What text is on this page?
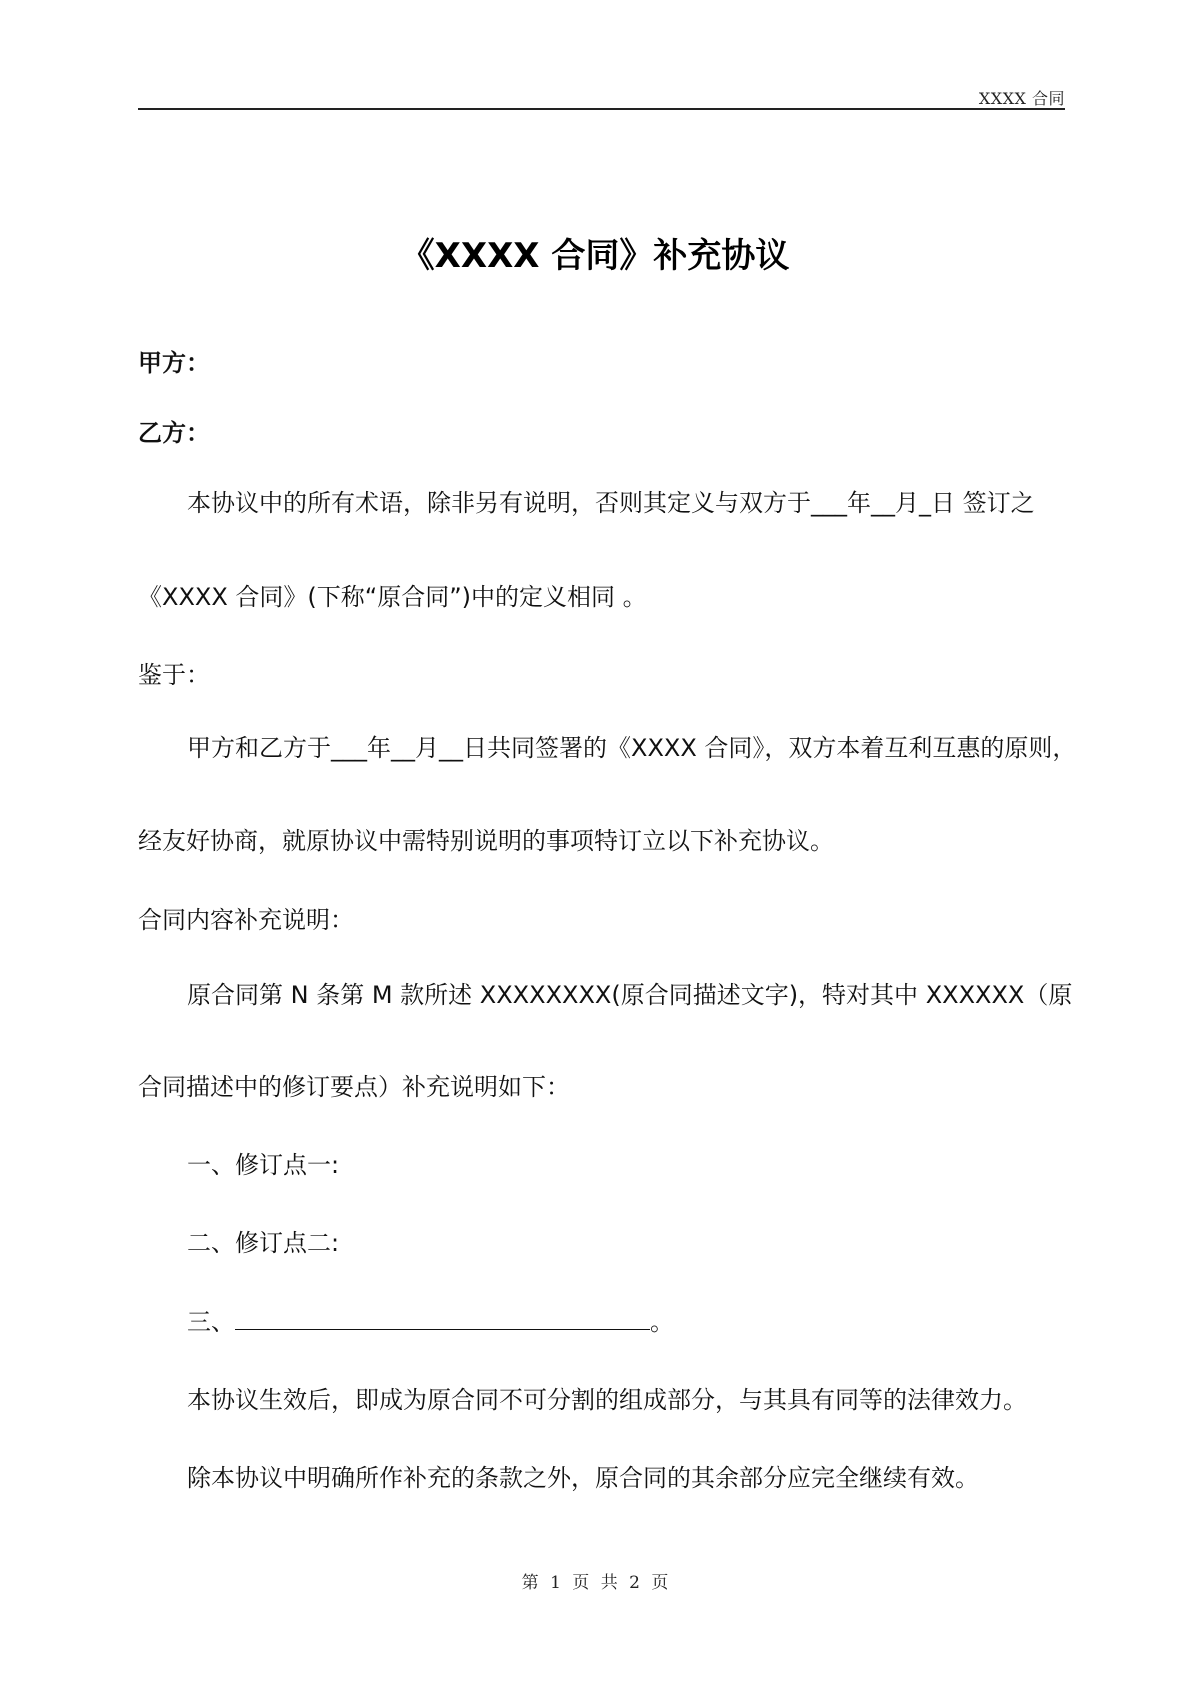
XXXX 合同
《XXXX 合同》补充协议
甲方：
乙方：
本协议中的所有术语，除非另有说明，否则其定义与双方于___年__月_日 签订之
《XXXX 合同》(下称“原合同”)中的定义相同 。
鉴于：
甲方和乙方于___年__月__日共同签署的《XXXX 合同》，双方本着互利互惠的原则，
经友好协商，就原协议中需特别说明的事项特订立以下补充协议。
合同内容补充说明：
原合同第 N 条第 M 款所述 XXXXXXXX(原合同描述文字)，特对其中 XXXXXX（原
合同描述中的修订要点）补充说明如下：
一、修订点一:
二、修订点二:
三、	。
本协议生效后，即成为原合同不可分割的组成部分，与其具有同等的法律效力。
除本协议中明确所作补充的条款之外，原合同的其余部分应完全继续有效。
第 1 页 共 2 页
